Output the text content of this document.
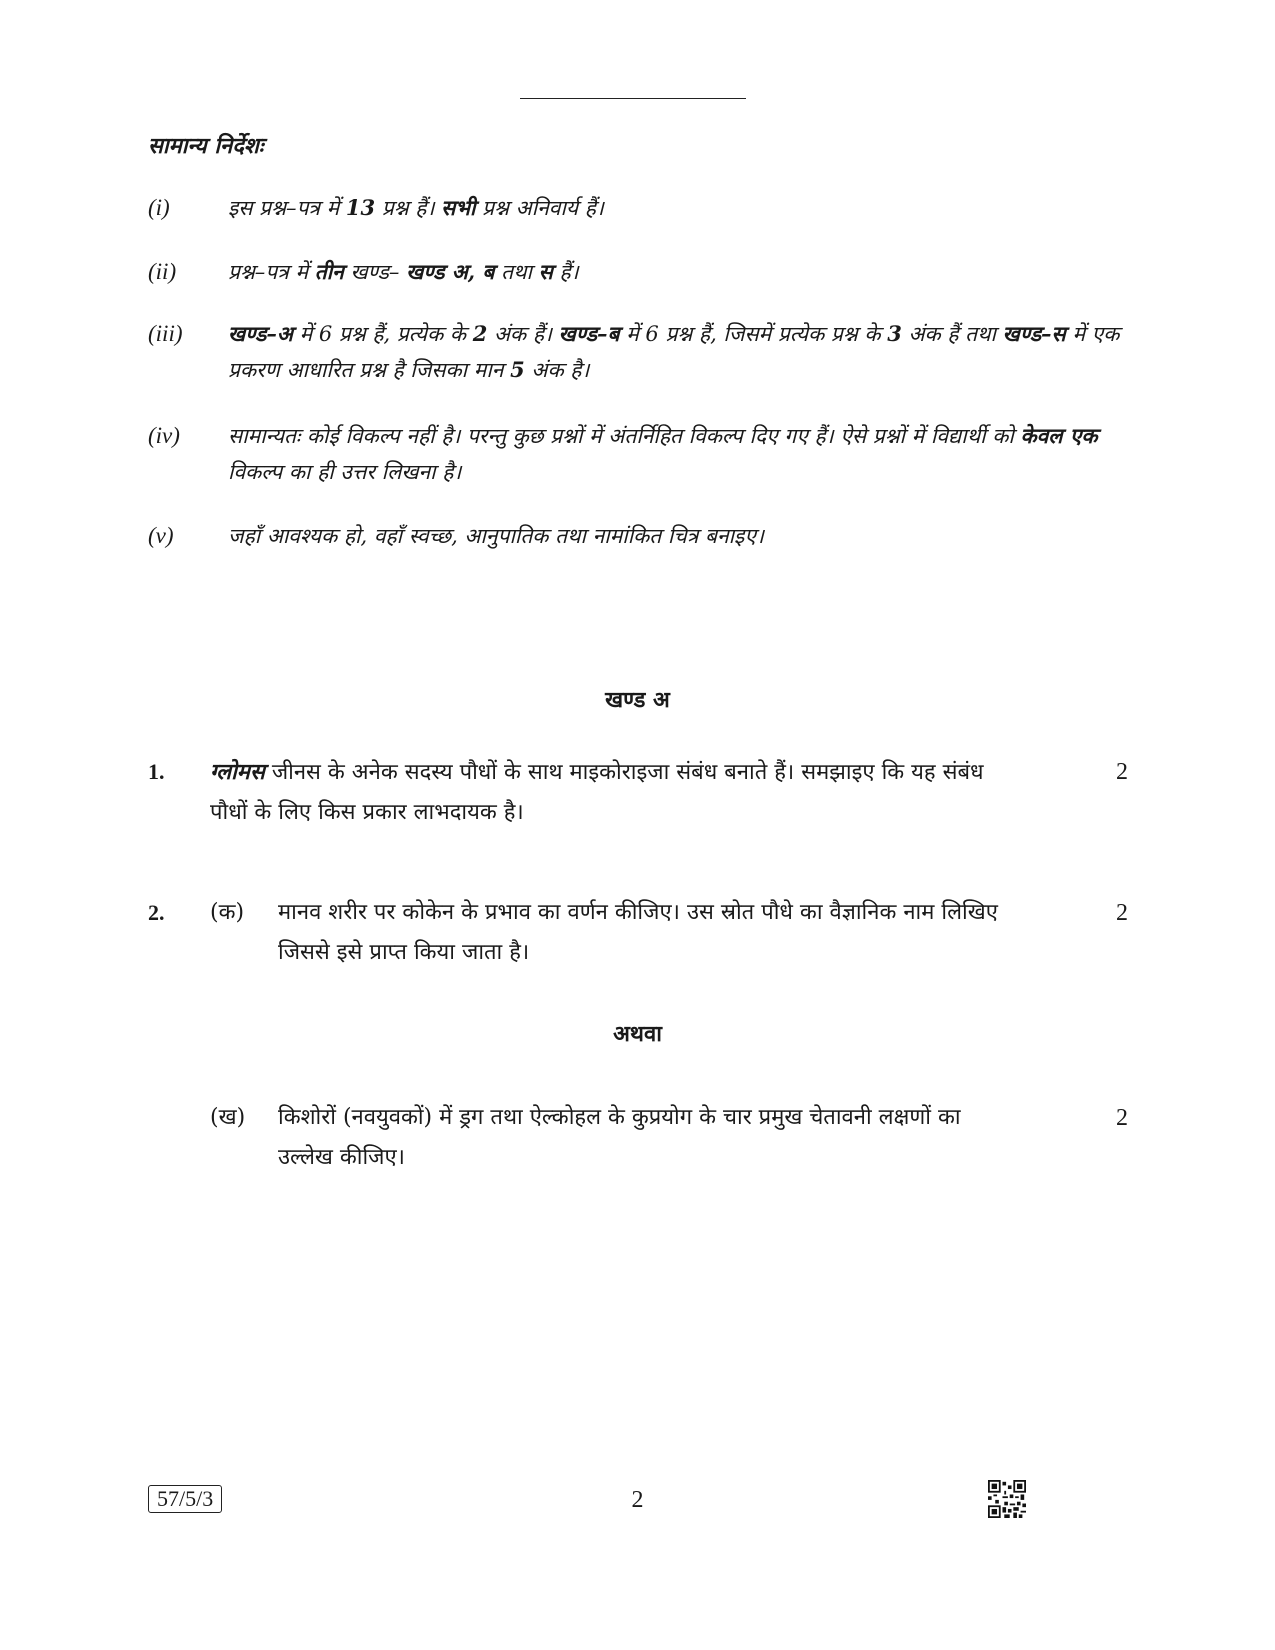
सामान्य निर्देशः
(i)	इस प्रश्न–पत्र में 13 प्रश्न हैं। सभी प्रश्न अनिवार्य हैं।
(ii) प्रश्न–पत्र में तीन खण्ड– खण्ड अ, ब तथा स हैं।
(iii) खण्ड–अ में 6 प्रश्न हैं, प्रत्येक के 2 अंक हैं। खण्ड–ब में 6 प्रश्न हैं, जिसमें प्रत्येक प्रश्न के 3 अंक हैं तथा खण्ड–स में एक प्रकरण आधारित प्रश्न है जिसका मान 5 अंक है।
(iv) सामान्यतः कोई विकल्प नहीं है। परन्तु कुछ प्रश्नों में अंतर्निहित विकल्प दिए गए हैं। ऐसे प्रश्नों में विद्यार्थी को केवल एक विकल्प का ही उत्तर लिखना है।
(v)	जहाँ आवश्यक हो, वहाँ स्वच्छ, आनुपातिक तथा नामांकित चित्र बनाइए।
खण्ड अ
1. ग्लोमस जीनस के अनेक सदस्य पौधों के साथ माइकोराइजा संबंध बनाते हैं। समझाइए कि यह संबंध पौधों के लिए किस प्रकार लाभदायक है।
2
2. (क) मानव शरीर पर कोकेन के प्रभाव का वर्णन कीजिए। उस स्रोत पौधे का वैज्ञानिक नाम लिखिए जिससे इसे प्राप्त किया जाता है।
2
अथवा
(ख) किशोरों (नवयुवकों) में ड्रग तथा ऐल्कोहल के कुप्रयोग के चार प्रमुख चेतावनी लक्षणों का उल्लेख कीजिए।
2
57/5/3	2
